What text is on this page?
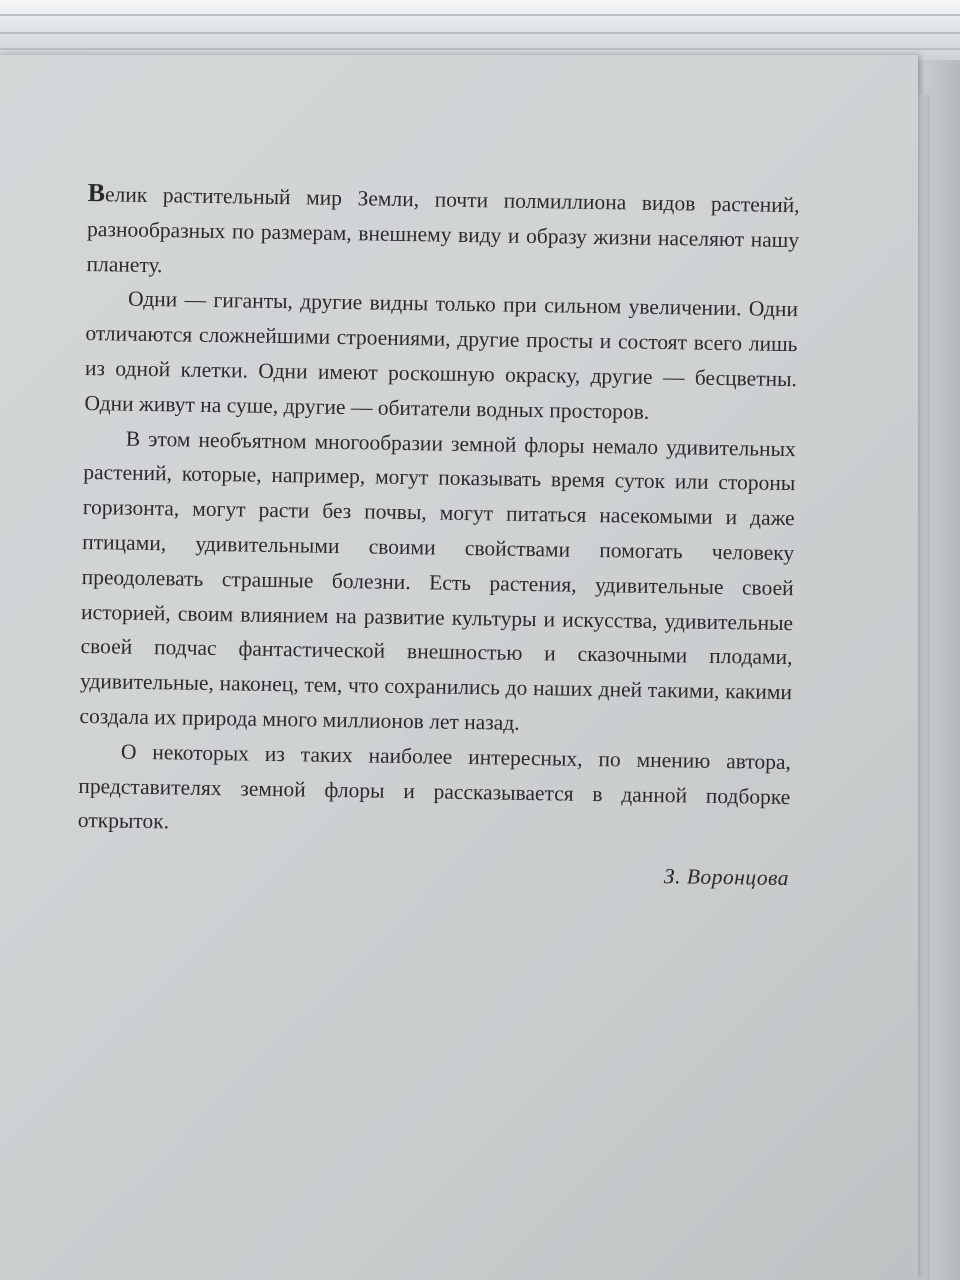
Велик растительный мир Земли, почти полмиллиона видов растений, разнообразных по размерам, внешнему виду и образу жизни населяют нашу планету.

Одни — гиганты, другие видны только при сильном увеличении. Одни отличаются сложнейшими строениями, другие просты и состоят всего лишь из одной клетки. Одни имеют роскошную окраску, другие — бесцветны. Одни живут на суше, другие — обитатели водных просторов.

В этом необъятном многообразии земной флоры немало удивительных растений, которые, например, могут показывать время суток или стороны горизонта, могут расти без почвы, могут питаться насекомыми и даже птицами, удивительными своими свойствами помогать человеку преодолевать страшные болезни. Есть растения, удивительные своей историей, своим влиянием на развитие культуры и искусства, удивительные своей подчас фантастической внешностью и сказочными плодами, удивительные, наконец, тем, что сохранились до наших дней такими, какими создала их природа много миллионов лет назад.

О некоторых из таких наиболее интересных, по мнению автора, представителях земной флоры и рассказывается в данной подборке открыток.

З. Воронцова
